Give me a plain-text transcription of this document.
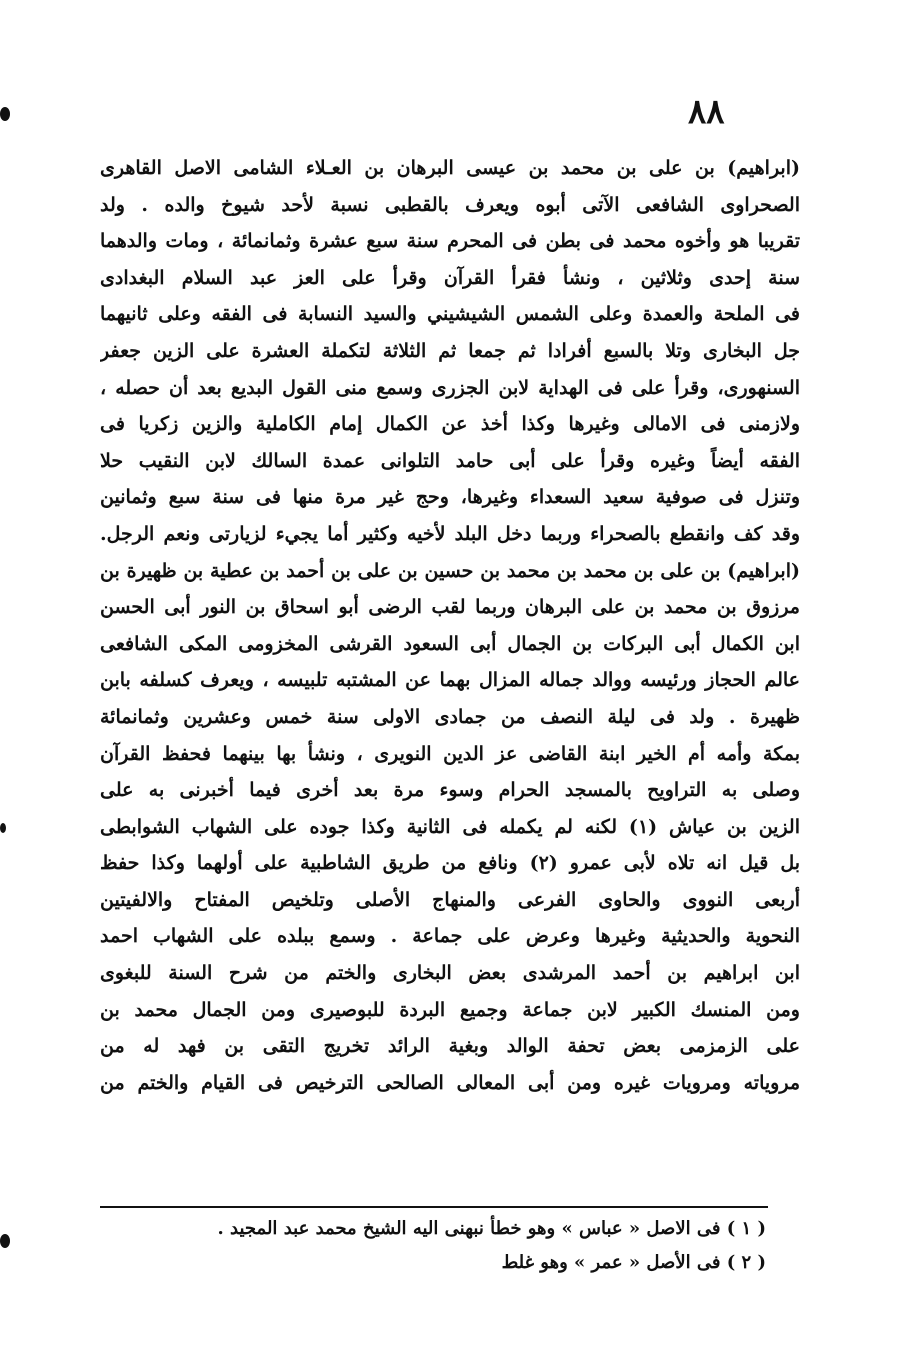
٨٨
(ابراهيم) بن على بن محمد بن عيسى البرهان بن العـلاء الشامى الاصل القاهرى
الصحراوى الشافعى الآتى أبوه ويعرف بالقطبى نسبة لأحد شيوخ والده . ولد
تقريبا هو وأخوه محمد فى بطن فى المحرم سنة سبع عشرة وثمانمائة ، ومات والدهما
سنة إحدى وثلاثين ، ونشأ فقرأ القرآن وقرأ على العز عبد السلام البغدادى
فى الملحة والعمدة وعلى الشمس الشيشيني والسيد النسابة فى الفقه وعلى ثانيهما
جل البخارى وتلا بالسبع أفرادا ثم جمعا ثم الثلاثة لتكملة العشرة على الزين جعفر
السنهورى، وقرأ على فى الهداية لابن الجزرى وسمع منى القول البديع بعد أن حصله ،
ولازمنى فى الامالى وغيرها وكذا أخذ عن الكمال إمام الكاملية والزين زكريا فى
الفقه أيضاً وغيره وقرأ على أبى حامد التلوانى عمدة السالك لابن النقيب حلا
وتنزل فى صوفية سعيد السعداء وغيرها، وحج غير مرة منها فى سنة سبع وثمانين
وقد كف وانقطع بالصحراء وربما دخل البلد لأخيه وكثير أما يجيء لزيارتى ونعم الرجل.
(ابراهيم) بن على بن محمد بن محمد بن حسين بن على بن أحمد بن عطية بن ظهيرة بن
مرزوق بن محمد بن على البرهان وربما لقب الرضى أبو اسحاق بن النور أبى الحسن
ابن الكمال أبى البركات بن الجمال أبى السعود القرشى المخزومى المكى الشافعى
عالم الحجاز ورئيسه ووالد جماله المزال بهما عن المشتبه تلبيسه ، ويعرف كسلفه بابن
ظهيرة . ولد فى ليلة النصف من جمادى الاولى سنة خمس وعشرين وثمانمائة
بمكة وأمه أم الخير ابنة القاضى عز الدين النويرى ، ونشأ بها بينهما فحفظ القرآن
وصلى به التراويح بالمسجد الحرام وسوء مرة بعد أخرى فيما أخبرنى به على
الزين بن عياش (١) لكنه لم يكمله فى الثانية وكذا جوده على الشهاب الشوابطى
بل قيل انه تلاه لأبى عمرو (٢) ونافع من طريق الشاطبية على أولهما وكذا حفظ
أربعى النووى والحاوى الفرعى والمنهاج الأصلى وتلخيص المفتاح والالفيتين
النحوية والحديثية وغيرها وعرض على جماعة . وسمع ببلده على الشهاب احمد
ابن ابراهيم بن أحمد المرشدى بعض البخارى والختم من شرح السنة للبغوى
ومن المنسك الكبير لابن جماعة وجميع البردة للبوصيرى ومن الجمال محمد بن
على الزمزمى بعض تحفة الوالد وبغية الرائد تخريج التقى بن فهد له من
مروياته ومرويات غيره ومن أبى المعالى الصالحى الترخيص فى القيام والختم من
( ١ ) فى الاصل « عباس » وهو خطأ نبهنى اليه الشيخ محمد عبد المجيد .
( ٢ ) فى الأصل « عمر » وهو غلط
